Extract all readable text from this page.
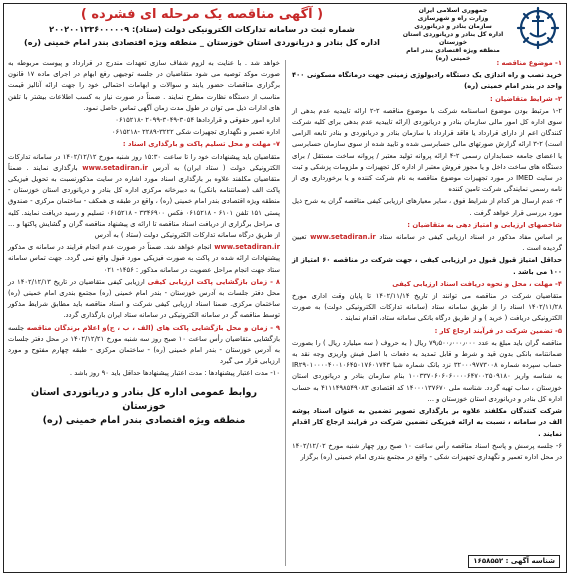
جمهوری اسلامی ایران
وزارت راه و شهرسازی
سازمان بنادر و دریانوردی
اداره کل بنادر و دریانوردی استان خوزستان
منطقه ویژه اقتصادی بندر امام خمینی (ره)
( آگهی مناقصه یک مرحله ای فشرده )
شماره ثبت در سامانه تدارکات الکترونیکی دولت (ستاد): ۲۰۰۲۰۰۱۳۳۶۰۰۰۰۰۹
اداره کل بنادر و دریانوردی استان خوزستان _ منطقه ویژه اقتصادی بندر امام خمینی (ره)

۱- موضوع مناقصه :

خرید نصب و راه اندازی یک دستگاه رادیولوژی زمینی جهت درمانگاه مسکونی ۴۰۰ واحد در بندر امام خمینی (ره)

۲- شرایط متقاضیان :

۱-۲ مرتبط بودن موضوع اساسنامه شرکت با موضوع مناقصه ۲-۲ ارائه تاییدیه عدم بدهی از سوی اداره کل امور مالی سازمان بنادر و دریانوردی (ارائه تاییدیه عدم بدهی برای کلیه شرکت کنندگان اعم از دارای قرارداد یا فاقد قرارداد با سازمان بنادر و دریانوردی و بنادر تابعه الزامی است) ۲-۳ ارائه گزارش صورتهای مالی حسابرسی شده و تایید شده از سوی سازمان حسابرسی یا اعضای جامعه حسابداران رسمی ۲-۴ ارائه پروانه تولید معتبر / پروانه ساخت مستقل / برای دستگاه های ساخت داخل و یا مجوز فروش معتبر از اداره کل تجهیزات و ملزومات پزشکی و ثبت در سایت IMED در مورد تجهیزات موضوع مناقصه به نام شرکت کننده و یا برخورداری وی از نامه رسمی نمایندگی شرکت تامین کننده

۳- عدم ارسال هر کدام از شرایط فوق ، سایر معیارهای ارزیابی کیفی مناقصه گران به شرح ذیل مورد بررسی قرار خواهد گرفت .

شاخصهای ارزیابی و امتیاز دهی به متقاضیان :

بر اساس مفاد مذکور در اسناد ارزیابی کیفی در سامانه ستاد www.setadiran.ir تعیین گردیده است .

حداقل امتیاز قبول قبول در ارزیابی کیفی ، جهت شرکت در مناقصه ۶۰ امتیاز از ۱۰۰ می باشد .

۴- مهلت ، محل و نحوه دریافت اسناد ارزیابی کیفی

متقاضیان شرکت در مناقصه می توانند از تاریخ ۱۴۰۲/۱۱/۱۴ تا پایان وقت اداری مورخ ۱۴۰۲/۱۱/۲۸ اسناد را از طریق سامانه ستاد (سامانه تدارکات الکترونیکی دولت) به صورت الکترونیکی دریافت ( خرید ) و از طریق درگاه بانکی سامانه ستاد، اقدام نمایند .

۵- تضمین شرکت در فرآیند ارجاع کار :

مناقصه گران باید مبلغ به عدد ۷۹٫۵۰۰٫۰۰۰٫۰۰۰ ریال ( به حروف ( سه میلیارد ریال ) را بصورت ضمانتنامه بانکی بدون قید و شرط و قابل تمدید به دفعات با اصل فیش واریزی وجه نقد به حساب سپرده شماره ۳۲۰۰۰۹۷۷۳۰۰۸ نزد بانک شماره شبا IR۲۹۰۱۰۰۰۰۴۰۰۱۰۶۴۵۰۱۷۶۰۱۷۴۳ به شناسه واریز ۱۰۰۳۳۷۰۶۰۶۰۶۰۰۰۰۶۴۷۰۰۲۵۰۹۱۸۰ بنام سازمان بنادر و دریانوردی استان خوزستان ، ساب تهیه گردد. شناسه ملی ۱۴۰۰۰۱۳۷۶۷۰ کد اقتصادی ۴۱۱۱۴۹۸۵۴۹۰۸۳ به حساب اداره کل بنادر و دریانوردی استان خوزستان و ...

شرکت کنندگان مکلفند علاوه بر بارگذاری تصویر تضمین به عنوان اسناد پوشه الف در سامانه ، نسبت به ارائه فیزیکی تضمین شرکت در فرایند ارجاع کار اقدام نمایند .

۶- جلسه پرسش و پاسخ اسناد مناقصه رأس ساعت ۱۰ صبح روز چهار شنبه مورخ ۱۴۰۲/۱۲/۰۲ در محل اداره تعمیر و نگهداری تجهیزات شکی - واقع در مجتمع بندری امام خمینی (ره) برگزار

خواهد شد . با عنایت به لزوم شفاف سازی تعهدات مندرج در قرارداد و پیوست مربوطه به صورت موکد توصیه می شود متقاضیان در جلسه توجیهی رفع ابهام در اجرای ماده ۱۷ قانون برگزاری مناقصات حضور یابند و سوالات و ابهامات احتمالی خود را جهت ارائه آنالیز قیمت مناسب از دستگاه نظارت مطرح نمایند . ضمناً در صورت نیاز به کسب اطلاعات بیشتر با تلفن های ادارات ذیل می توان در طول مدت زمان آگهی تماس حاصل نمود.

اداره امور حقوقی و قراردادها ۳۰۵۴-۳۰۴۹-۲۰۹۹ -۰۶۱۵۲۱۸

اداره تعمیر و نگهداری تجهیزات شکی ۳۲۲۲-۲۲۸۹ -۰۶۱۵۲۱۸

۷- مهلت و محل تسلیم پاکت و بارگذاری اسناد :

متقاضیان باید پیشنهادات خود را تا ساعت ۱۵:۳۰ روز شنبه مورخ ۱۴۰۲/۱۲/۱۲ در سامانه تدارکات الکترونیکی دولت ( ستاد ایران) به آدرس www.setadiran.ir بارگذاری نمایند . ضمناً متقاضیان مکلفند علاوه بر بارگذاری اسناد مورد اشاره در سایت مذکورنسبت به تحویل فیزیکی پاکت الف (ضمانتنامه بانکی) به دبیرخانه مرکزی اداره کل بنادر و دریانوردی استان خوزستان - منطقه ویژه اقتصادی بندر امام خمینی (ره) ، واقع در طبقه ی همکف - ساختمان مرکزی - صندوق پستی ۱۵۱ تلفن ۶۱۰۱ - ۰۶۱۵۲۱۸ فکس ۳۳۴۶۹۰۰ - ۰۶۱۵۲۱۸ تسلیم و رسید دریافت نمایند. کلیه ی مراحل برگزاری از دریافت اسناد مناقصه تا ارائه ی پیشنهاد مناقصه گران و گشایش پاکتها و ... از طریق درگاه سامانه تدارکات الکترونیکی دولت (ستاد ) به آدرس

www.setadiran.ir انجام خواهد شد. ضمناً در صورت عدم انجام فرایند در سامانه ی مذکور پیشنهادات ارائه شده در پاکت به صورت فیزیکی مورد قبول واقع نمی گردد. جهت تماس سامانه ستاد جهت انجام مراحل عضویت در سامانه مذکور : ۱۴۵۶- ۰۲۱

۸ - زمان بازگشایی پاکت ارزیابی کیفی ارزیابی کیفی متقاضیان در تاریخ ۱۴۰۲/۱۲/۱۳ در محل دفتر جلسات به آدرس خوزستان - بندر امام خمینی (ره) مجتمع بندری امام خمینی (ره) ساختمان مرکزی. ضمنا اسناد ارزیابی کیفی شرکت و اسناد مناقصه باید مطابق شرایط مذکور توسط مناقصه گر در سامانه الکترونیکی در سامانه ستاد ایران بارگذاری گردد.

۹ - زمان و محل بازگشایی پاکت های (الف ، ب ، ج)و اعلام برندگان مناقصه جلسه بازگشایی متقاضیان رأس ساعت ۱۰ صبح روز سه شنبه مورخ ۱۴۰۲/۱۲/۲۱ در محل دفتر جلسات به آدرس خوزستان - بندر امام خمینی (ره) - ساختمان مرکزی - طبقه چهارم مفتوح و مورد ارزیابی قرار می گیرد

۱۰- مدت اعتبار پیشنهادها : مدت اعتبار پیشنهادها حداقل باید ۹۰ روز باشد .

روابط عمومی اداره کل بنادر و دریانوردی استان خوزستان
منطقه ویژه اقتصادی بندر امام خمینی (ره)
شناسه آگهی : ۱۶۵۸۵۵۲
